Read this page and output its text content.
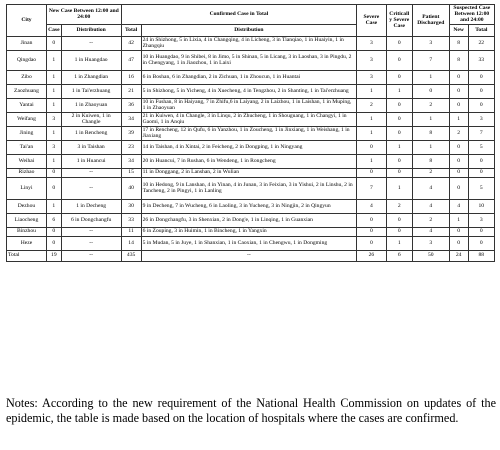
City	New Case Between 12:00 and 24:00		Confirmed Case in Total		Severe Case	Criticall y Severe Case	Patient Discharged	Suspected Case Between 12:00 and 24:00	
	Case	Distribution	Total	Distribution				New	Total
Jinan	0	--	42	24 in Shizhong, 5 in Lixia, 4 in Changqing, 4 in Licheng, 3 in Tianqiao, 1 in Huaiyin, 1 in Zhangqiu	3	0	3	8	22
Qingdao	1	1 in Huangdao	47	10 in Huangdao, 9 in Shibei, 8 in Jimo, 5 in Shinan, 5 in Licang, 3 in Laoshan, 3 in Pingdu, 2 in Chengyang, 1 in Jiaozhou, 1 in Laixi	3	0	7	8	33
Zibo	1	1 in Zhangdian	16	6 in Boshan, 6 in Zhangdian, 2 in Zichuan, 1 in Zhoucun, 1 in Huantai	3	0	1	0	0
Zaozhuang	1	1 in Tai'erzhuang	21	5 in Shizhong, 5 in Yicheng, 4 in Xuecheng, 4 in Tengzhou, 2 in Shanting, 1 in Tai'erzhuang	1	1	0	0	0
Yantai	1	1 in Zhaoyuan	36	10 in Fushan, 8 in Haiyang, 7 in Zhifu,6 in Laiyang, 2 in Laizhou, 1 in Laishan, 1 in Muping, 1 in Zhaoyuan	2	0	2	0	0
Weifang	3	2 in Kuiwen, 1 in Changle	34	21 in Kuiwen, 4 in Changle, 3 in Linqu, 2 in Zhucheng, 1 in Shouguang, 1 in Changyi, 1 in Gaomi, 1 in Anqiu	1	0	1	1	3
Jining	1	1 in Rencheng	39	17 in Rencheng, 12 in Qufu, 6 in Yanzhou, 1 in Zoucheng, 1 in Jinxiang, 1 in Weishang, 1 in Jiaxiang	1	0	8	2	7
Tai'an	3	3 in Taishan	23	14 in Taishan, 4 in Xintai, 2 in Feicheng, 2 in Dongping, 1 in Ningyang	0	1	1	0	5
Weihai	1	1 in Huancui	34	20 in Huancui, 7 in Rushan, 6 in Wendeng, 1 in Rongcheng	1	0	8	0	0
Rizhao	0	--	15	11 in Donggang, 2 in Lanshan, 2 in Wulian	0	0	2	0	0
Linyi	0	--	40	10 in Hedong, 9 in Lanshan, 4 in Yinan, 4 in Junan, 3 in Feixian, 3 in Yishui, 2 in Linshu, 2 in Tancheng, 2 in Pingyi, 1 in Lanling	7	1	4	0	5
Dezhou	1	1 in Decheng	30	9 in Decheng, 7 in Wucheng, 6 in Laoling, 3 in Yucheng, 3 in Ningjin, 2 in Qingyun	4	2	4	4	10
Liaocheng	6	6 in Dongchangfu	33	26 in Dongchangfu, 3 in Shenxian, 2 in Dong'e, 1 in Linqing, 1 in Guanxian	0	0	2	1	3
Binzhou	0	--	11	6 in Zouping, 3 in Huimin, 1 in Bincheng, 1 in Yangxin	0	0	4	0	0
Heze	0	--	14	5 in Mudan, 5 in Juye, 1 in Shanxian, 1 in Caoxian, 1 in Chengwu, 1 in Dongming	0	1	3	0	0
Total	19	--	435	--	26	6	50	24	88

Notes: According to the new requirement of the National Health Commission on updates of the epidemic, the table is made based on the location of hospitals where the cases are confirmed.
